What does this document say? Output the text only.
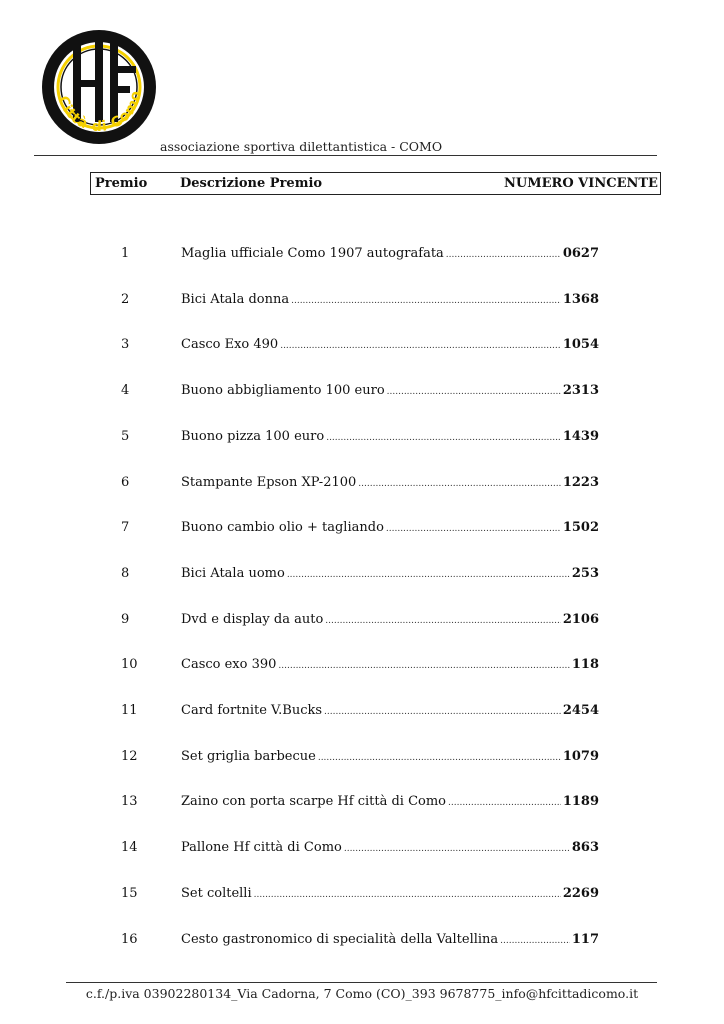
Città di Como
associazione sportiva dilettantistica - COMO
Premio	Descrizione Premio	NUMERO VINCENTE
1	Maglia ufficiale Como 1907 autografata .....	0627
2	Bici Atala donna .....	1368
3	Casco Exo 490 .....	1054
4	Buono abbigliamento 100 euro .....	2313
5	Buono pizza 100 euro .....	1439
6	Stampante Epson XP-2100 .....	1223
7	Buono cambio olio + tagliando .....	1502
8	Bici Atala uomo .....	253
9	Dvd e display da auto .....	2106
10	Casco exo 390 .....	118
11	Card fortnite V.Bucks .....	2454
12	Set griglia barbecue .....	1079
13	Zaino con porta scarpe Hf città di Como .....	1189
14	Pallone Hf città di Como .....	863
15	Set coltelli .....	2269
16	Cesto gastronomico di specialità della Valtellina .....	117
c.f./p.iva 03902280134_Via Cadorna, 7 Como (CO)_393 9678775_info@hfcittadicomo.it
